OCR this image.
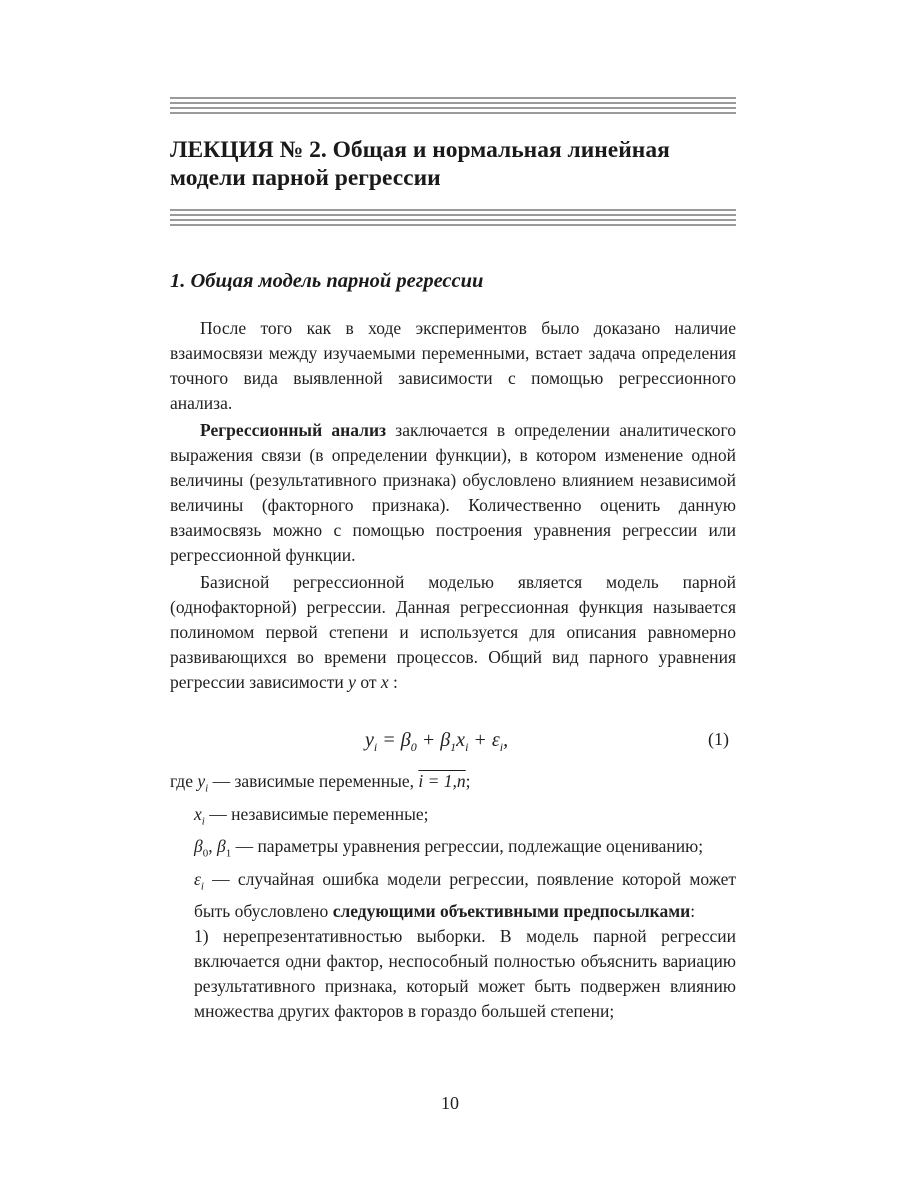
ЛЕКЦИЯ № 2. Общая и нормальная линейная
модели парной регрессии
1. Общая модель парной регрессии

После того как в ходе экспериментов было доказано наличие взаимосвязи между изучаемыми переменными, встает задача определения точного вида выявленной зависимости с помощью регрессионного анализа.

Регрессионный анализ заключается в определении аналитического выражения связи (в определении функции), в котором изменение одной величины (результативного признака) обусловлено влиянием независимой величины (факторного признака). Количественно оценить данную взаимосвязь можно с помощью построения уравнения регрессии или регрессионной функции.

Базисной регрессионной моделью является модель парной (однофакторной) регрессии. Данная регрессионная функция называется полиномом первой степени и используется для описания равномерно развивающихся во времени процессов. Общий вид парного уравнения регрессии зависимости y от x :

$y_i = \beta_0 + \beta_1x_i + \varepsilon_i$,	(1)
где $y_i$ — зависимые переменные, i = 1,n;
$x_i$ — независимые переменные;
$\beta_0$, $\beta_1$ — параметры уравнения регрессии, подлежащие оцениванию;
$\varepsilon_i$ — случайная ошибка модели регрессии, появление которой может быть обусловлено следующими объективными предпосылками:
1) нерепрезентативностью выборки. В модель парной регрессии включается одни фактор, неспособный полностью объяснить вариацию результативного признака, который может быть подвержен влиянию множества других факторов в гораздо большей степени;
10
